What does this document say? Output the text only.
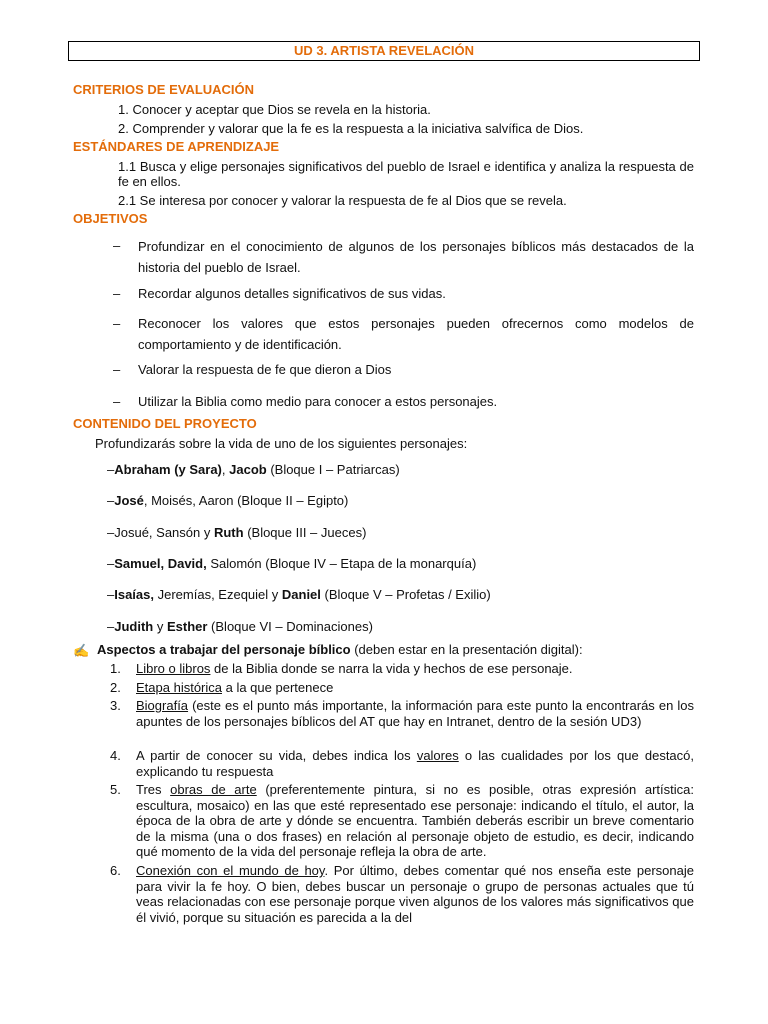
UD 3. ARTISTA REVELACIÓN
CRITERIOS DE EVALUACIÓN
1. Conocer y aceptar que Dios se revela en la historia.
2. Comprender y valorar que la fe es la respuesta a la iniciativa salvífica de Dios.
ESTÁNDARES DE APRENDIZAJE
1.1 Busca y elige personajes significativos del pueblo de Israel e identifica y analiza la respuesta de fe en ellos.
2.1 Se interesa por conocer y valorar la respuesta de fe al Dios que se revela.
OBJETIVOS
– Profundizar en el conocimiento de algunos de los personajes bíblicos más destacados de la historia del pueblo de Israel.
– Recordar algunos detalles significativos de sus vidas.
– Reconocer los valores que estos personajes pueden ofrecernos como modelos de comportamiento y de identificación.
– Valorar la respuesta de fe que dieron a Dios
– Utilizar la Biblia como medio para conocer a estos personajes.
CONTENIDO DEL PROYECTO
Profundizarás sobre la vida de uno de los siguientes personajes:
–Abraham (y Sara), Jacob (Bloque I – Patriarcas)
–José, Moisés, Aaron (Bloque II – Egipto)
–Josué, Sansón y Ruth (Bloque III – Jueces)
–Samuel, David, Salomón (Bloque IV – Etapa de la monarquía)
–Isaías, Jeremías, Ezequiel y Daniel (Bloque V – Profetas / Exilio)
–Judith y Esther (Bloque VI – Dominaciones)
✍ Aspectos a trabajar del personaje bíblico (deben estar en la presentación digital):
1. Libro o libros de la Biblia donde se narra la vida y hechos de ese personaje.
2. Etapa histórica a la que pertenece
3. Biografía (este es el punto más importante, la información para este punto la encontrarás en los apuntes de los personajes bíblicos del AT que hay en Intranet, dentro de la sesión UD3)
4. A partir de conocer su vida, debes indica los valores o las cualidades por los que destacó, explicando tu respuesta
5. Tres obras de arte (preferentemente pintura, si no es posible, otras expresión artística: escultura, mosaico) en las que esté representado ese personaje: indicando el título, el autor, la época de la obra de arte y dónde se encuentra. También deberás escribir un breve comentario de la misma (una o dos frases) en relación al personaje objeto de estudio, es decir, indicando qué momento de la vida del personaje refleja la obra de arte.
6. Conexión con el mundo de hoy. Por último, debes comentar qué nos enseña este personaje para vivir la fe hoy. O bien, debes buscar un personaje o grupo de personas actuales que tú veas relacionadas con ese personaje porque viven algunos de los valores más significativos que él vivió, porque su situación es parecida a la del
